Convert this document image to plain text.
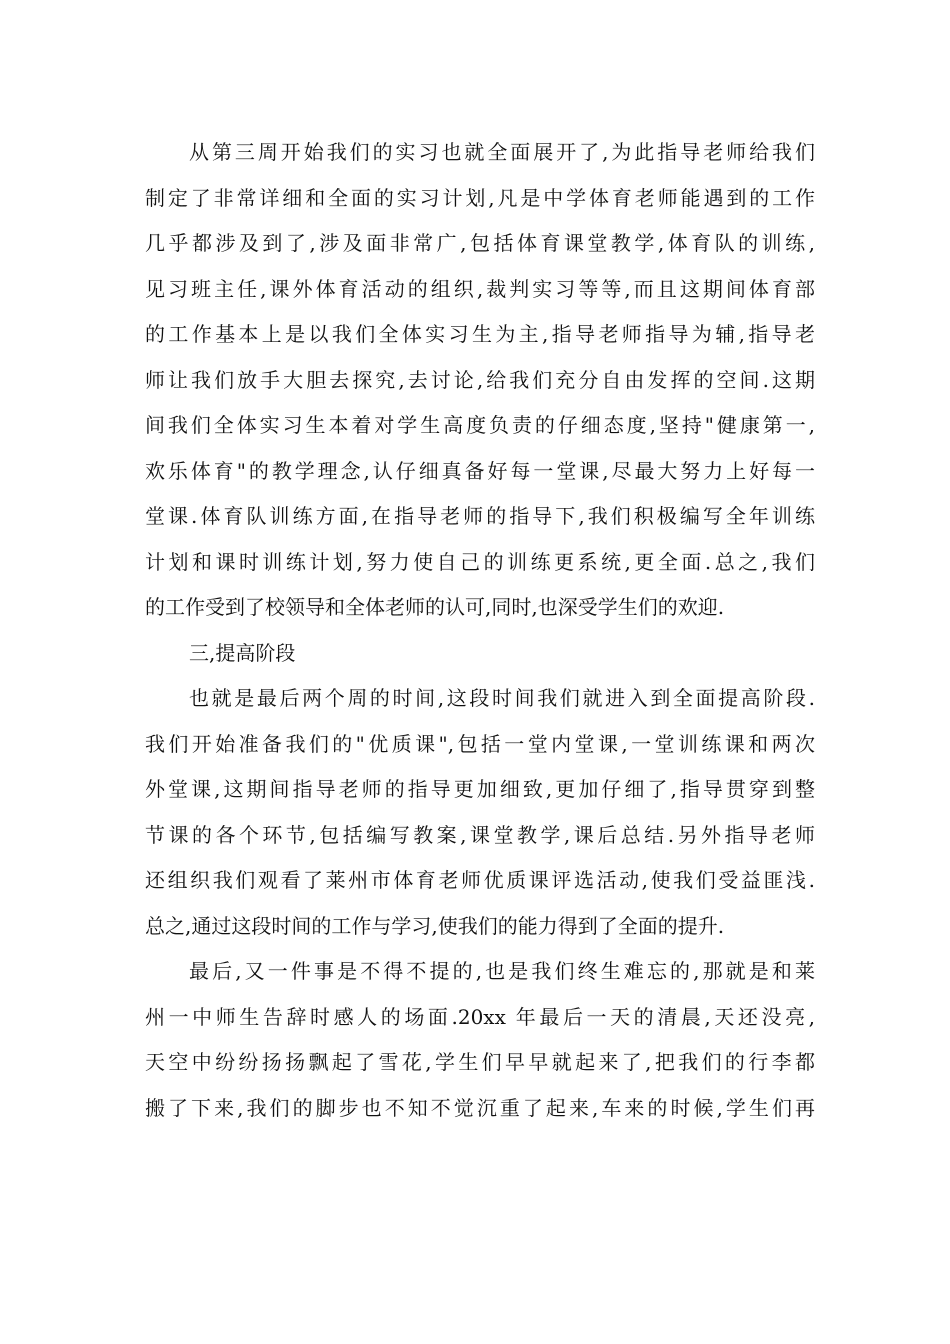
从第三周开始我们的实习也就全面展开了,为此指导老师给我们
制定了非常详细和全面的实习计划,凡是中学体育老师能遇到的工作
几乎都涉及到了,涉及面非常广,包括体育课堂教学,体育队的训练,
见习班主任,课外体育活动的组织,裁判实习等等,而且这期间体育部
的工作基本上是以我们全体实习生为主,指导老师指导为辅,指导老
师让我们放手大胆去探究,去讨论,给我们充分自由发挥的空间.这期
间我们全体实习生本着对学生高度负责的仔细态度,坚持"健康第一,
欢乐体育"的教学理念,认仔细真备好每一堂课,尽最大努力上好每一
堂课.体育队训练方面,在指导老师的指导下,我们积极编写全年训练
计划和课时训练计划,努力使自己的训练更系统,更全面.总之,我们
的工作受到了校领导和全体老师的认可,同时,也深受学生们的欢迎.
三,提高阶段
也就是最后两个周的时间,这段时间我们就进入到全面提高阶段.
我们开始准备我们的"优质课",包括一堂内堂课,一堂训练课和两次
外堂课,这期间指导老师的指导更加细致,更加仔细了,指导贯穿到整
节课的各个环节,包括编写教案,课堂教学,课后总结.另外指导老师
还组织我们观看了莱州市体育老师优质课评选活动,使我们受益匪浅.
总之,通过这段时间的工作与学习,使我们的能力得到了全面的提升.
最后,又一件事是不得不提的,也是我们终生难忘的,那就是和莱
州一中师生告辞时感人的场面.20xx 年最后一天的清晨,天还没亮,
天空中纷纷扬扬飘起了雪花,学生们早早就起来了,把我们的行李都
搬了下来,我们的脚步也不知不觉沉重了起来,车来的时候,学生们再
